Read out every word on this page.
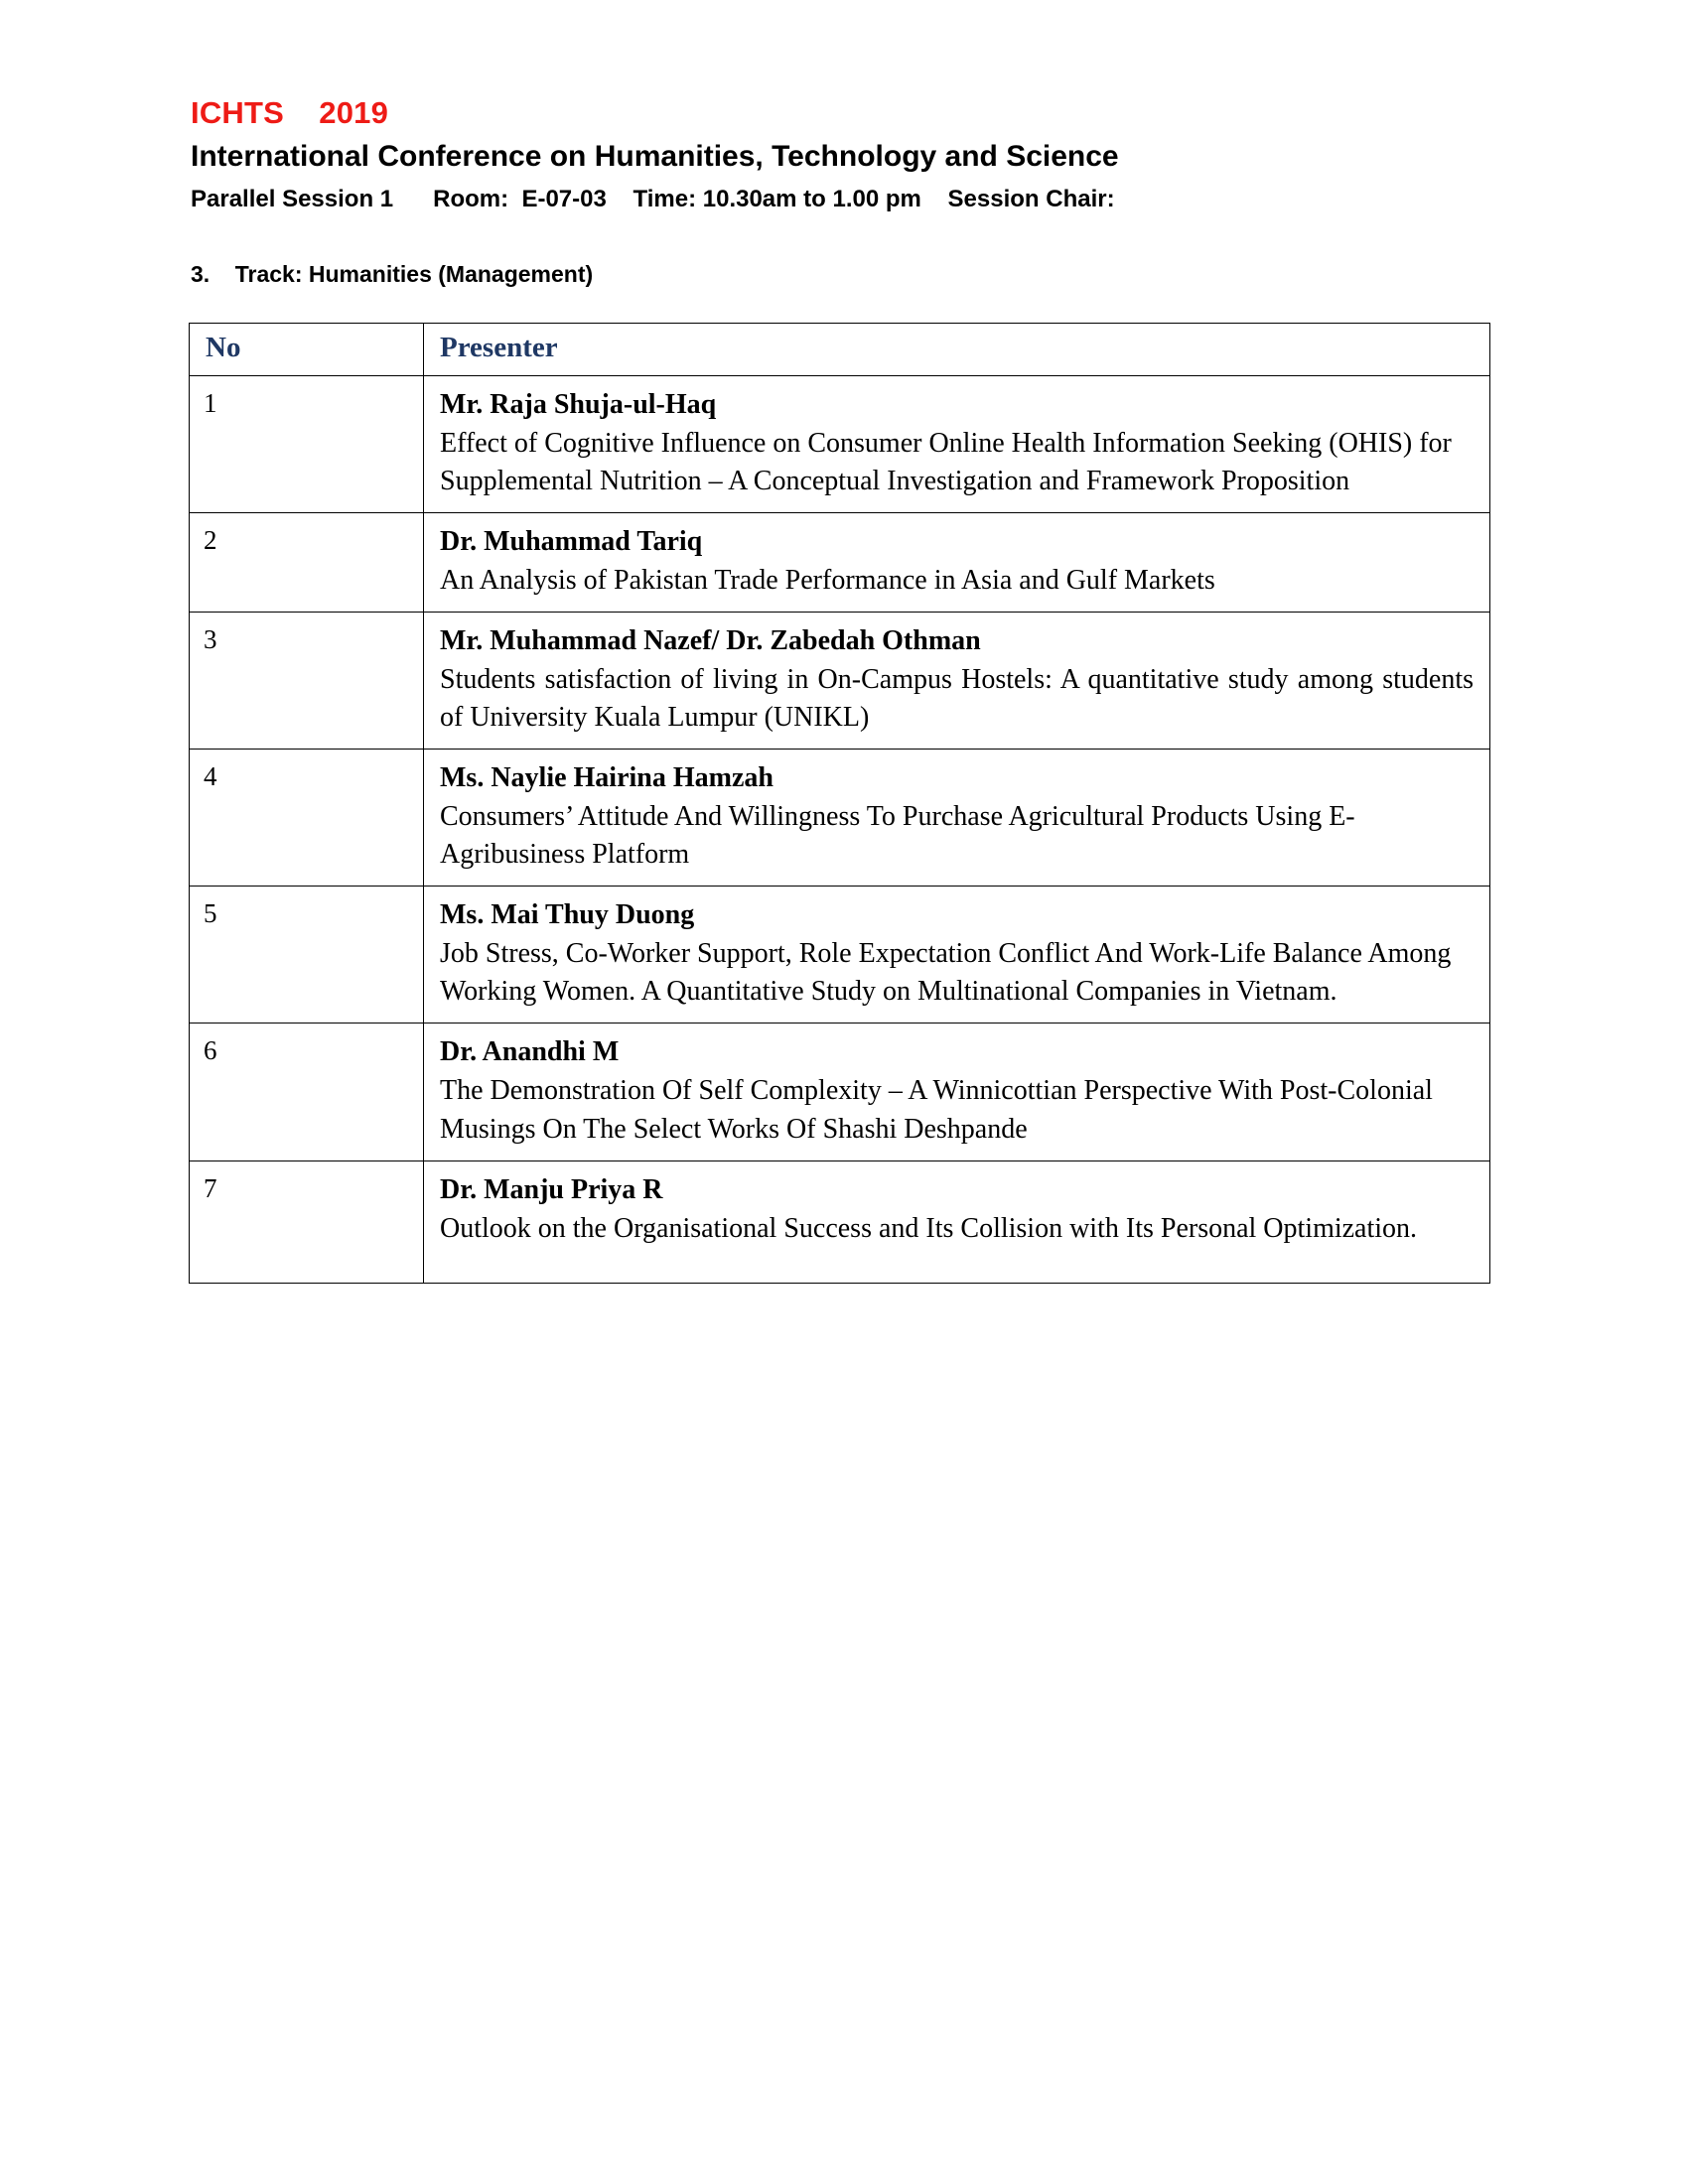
ICHTS    2019
International Conference on Humanities, Technology and Science
Parallel Session 1      Room:  E-07-03    Time: 10.30am to 1.00 pm    Session Chair:
3.    Track: Humanities (Management)
No	Presenter

1	Mr. Raja Shuja-ul-Haq
Effect of Cognitive Influence on Consumer Online Health Information Seeking (OHIS) for Supplemental Nutrition – A Conceptual Investigation and Framework Proposition

2	Dr. Muhammad Tariq
An Analysis of Pakistan Trade Performance in Asia and Gulf Markets

3	Mr. Muhammad Nazef/ Dr. Zabedah Othman
Students satisfaction of living in On-Campus Hostels: A quantitative study among students of University Kuala Lumpur (UNIKL)

4	Ms. Naylie Hairina Hamzah
Consumers’ Attitude And Willingness To Purchase Agricultural Products Using E-Agribusiness Platform

5	Ms. Mai Thuy Duong
Job Stress, Co-Worker Support, Role Expectation Conflict And Work-Life Balance Among Working Women. A Quantitative Study on Multinational Companies in Vietnam.

6	Dr. Anandhi M
The Demonstration Of Self Complexity – A Winnicottian Perspective With Post-Colonial Musings On The Select Works Of Shashi Deshpande

7	Dr. Manju Priya R
Outlook on the Organisational Success and Its Collision with Its Personal Optimization.
